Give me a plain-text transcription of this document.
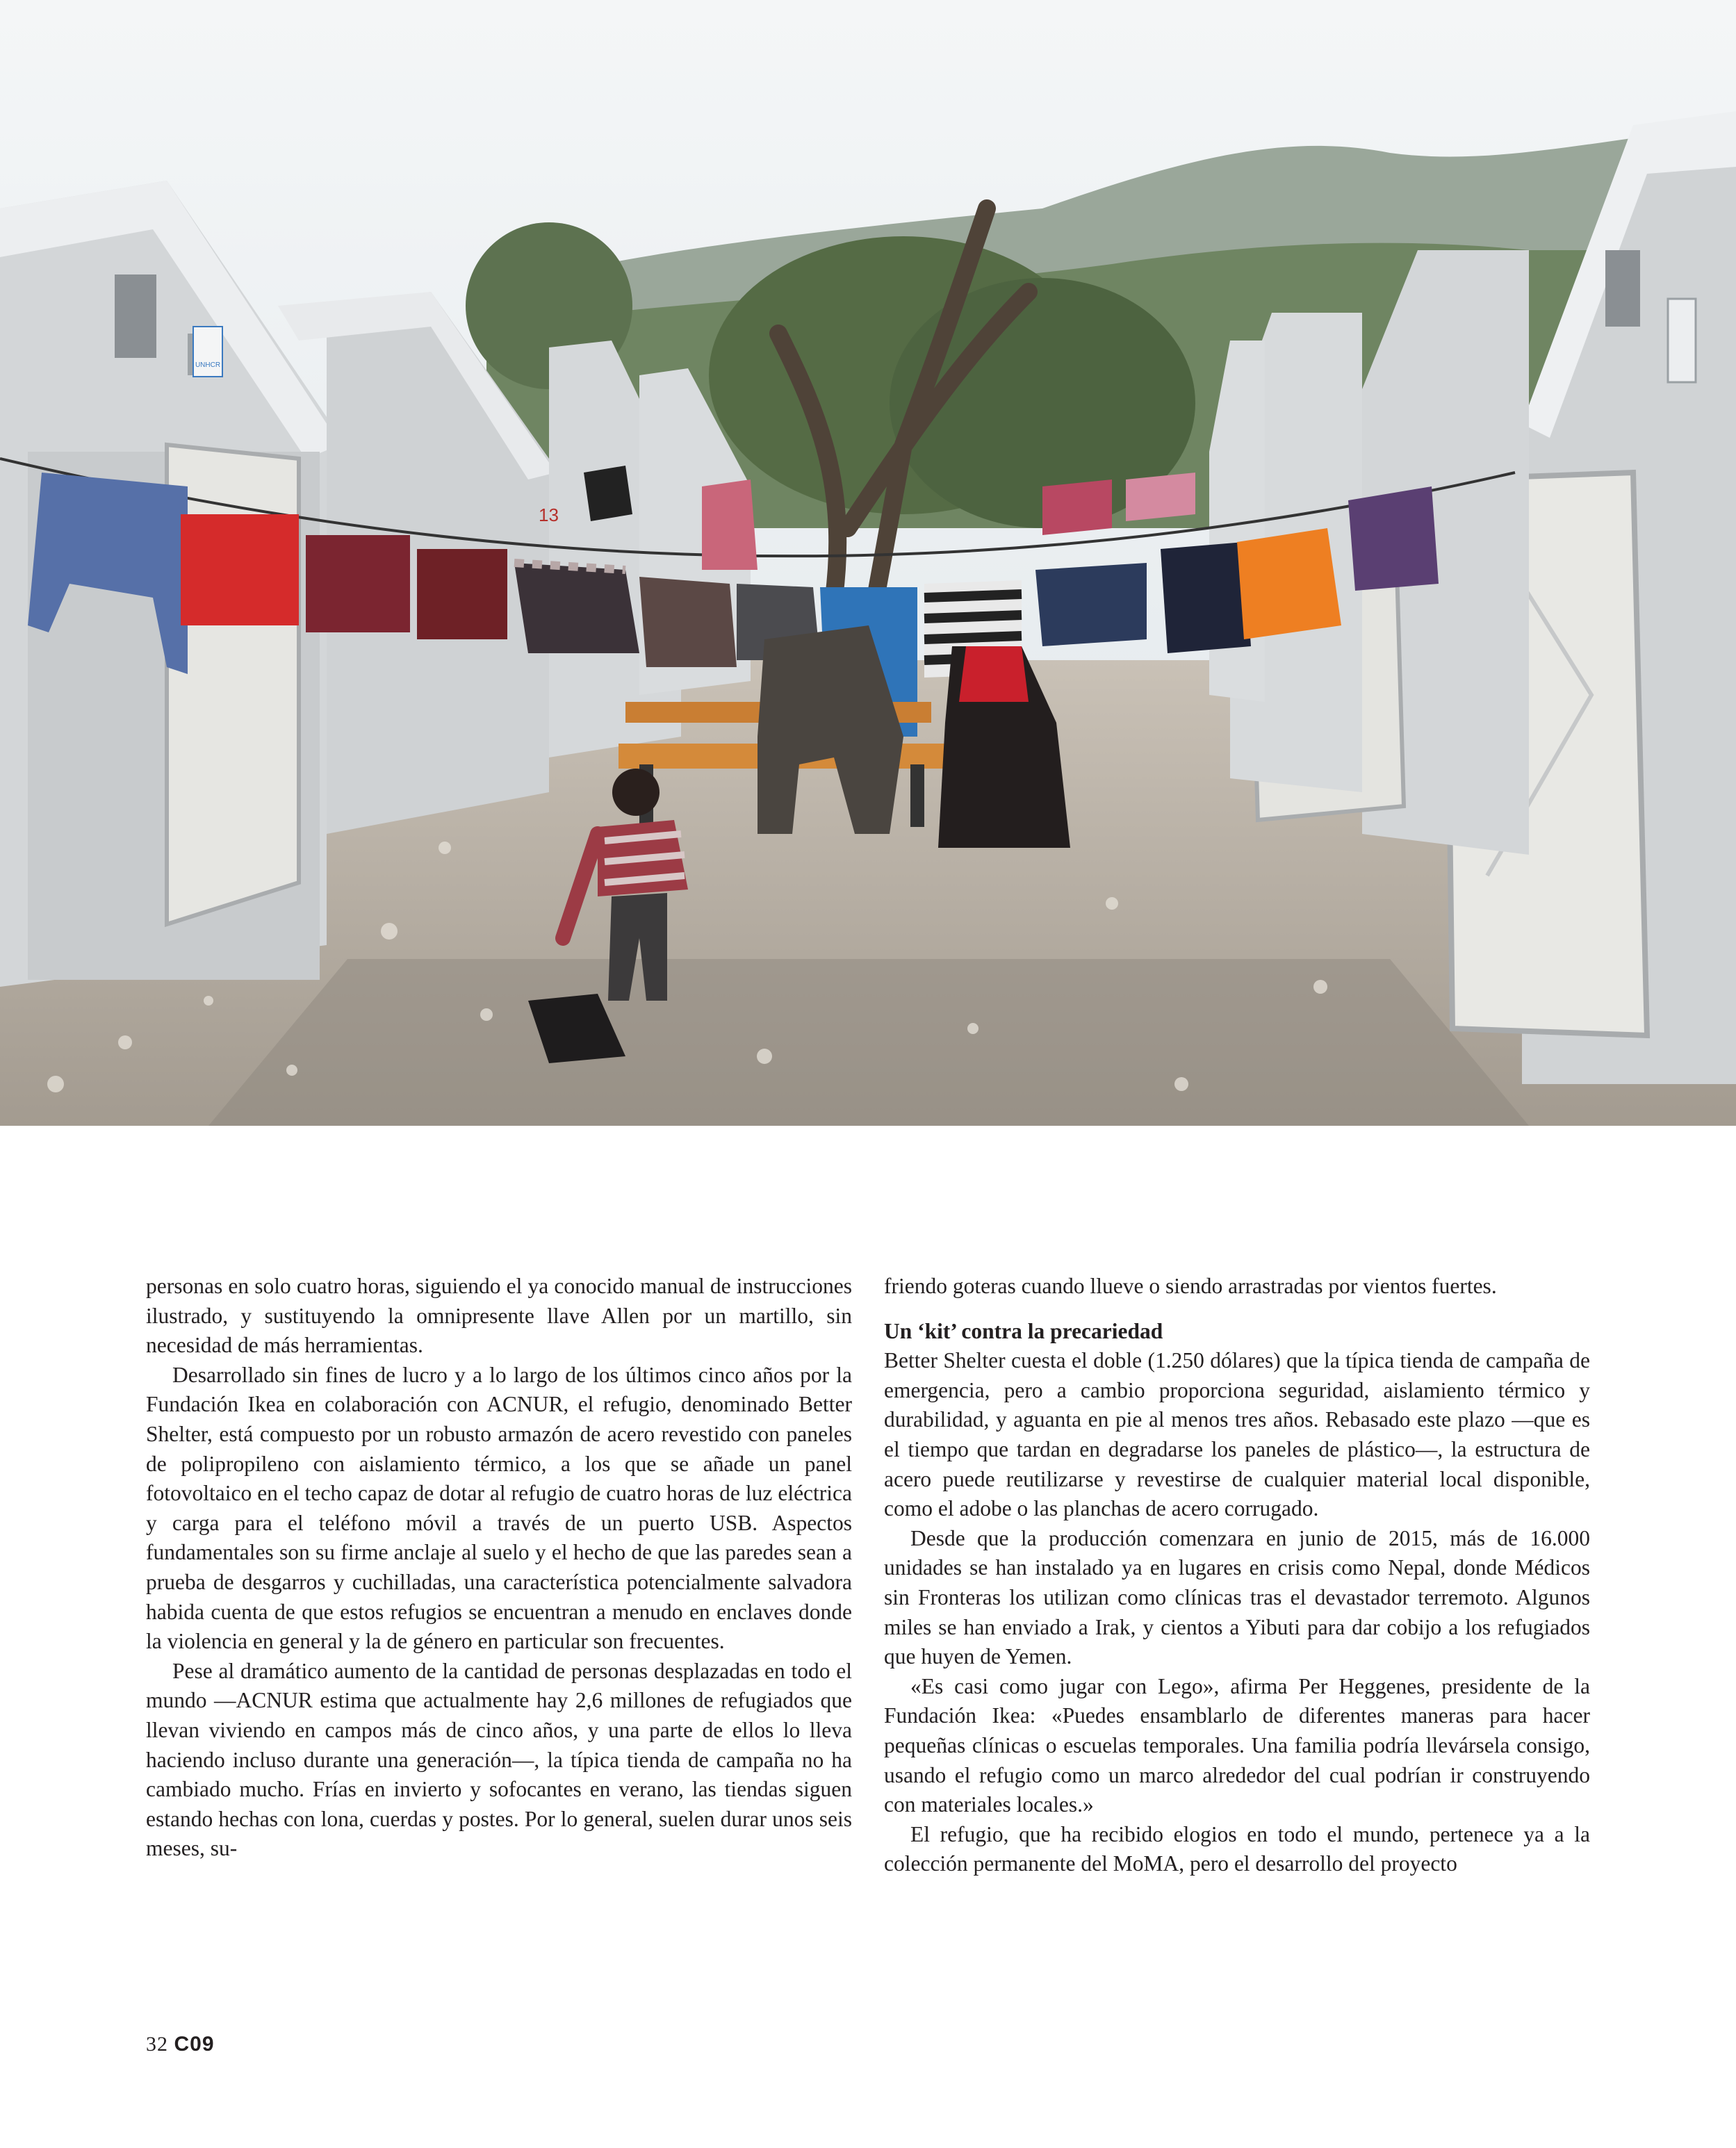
UNHCR
13

personas en solo cuatro horas, siguiendo el ya conocido manual de instrucciones ilustrado, y sustituyendo la omnipresente llave Allen por un martillo, sin necesidad de más herramientas.

Desarrollado sin fines de lucro y a lo largo de los últimos cinco años por la Fundación Ikea en colaboración con ACNUR, el refugio, denominado Better Shelter, está compuesto por un robusto armazón de acero revestido con paneles de polipropileno con aislamiento térmico, a los que se añade un panel fotovoltaico en el techo capaz de dotar al refugio de cuatro horas de luz eléctrica y carga para el teléfono móvil a través de un puerto USB. Aspectos fundamentales son su firme anclaje al suelo y el hecho de que las paredes sean a prueba de desgarros y cuchilladas, una característica potencialmente salvadora habida cuenta de que estos refugios se encuentran a menudo en enclaves donde la violencia en general y la de género en particular son frecuentes.

Pese al dramático aumento de la cantidad de personas desplazadas en todo el mundo —ACNUR estima que actualmente hay 2,6 millones de refugiados que llevan viviendo en campos más de cinco años, y una parte de ellos lo lleva haciendo incluso durante una generación—, la típica tienda de campaña no ha cambiado mucho. Frías en invierto y sofocantes en verano, las tiendas siguen estando hechas con lona, cuerdas y postes. Por lo general, suelen durar unos seis meses, su-

friendo goteras cuando llueve o siendo arrastradas por vientos fuertes.

Un ‘kit’ contra la precariedad

Better Shelter cuesta el doble (1.250 dólares) que la típica tienda de campaña de emergencia, pero a cambio proporciona seguridad, aislamiento térmico y durabilidad, y aguanta en pie al menos tres años. Rebasado este plazo —que es el tiempo que tardan en degradarse los paneles de plástico—, la estructura de acero puede reutilizarse y revestirse de cualquier material local disponible, como el adobe o las planchas de acero corrugado.

Desde que la producción comenzara en junio de 2015, más de 16.000 unidades se han instalado ya en lugares en crisis como Nepal, donde Médicos sin Fronteras los utilizan como clínicas tras el devastador terremoto. Algunos miles se han enviado a Irak, y cientos a Yibuti para dar cobijo a los refugiados que huyen de Yemen.

«Es casi como jugar con Lego», afirma Per Heggenes, presidente de la Fundación Ikea: «Puedes ensamblarlo de diferentes maneras para hacer pequeñas clínicas o escuelas temporales. Una familia podría llevársela consigo, usando el refugio como un marco alrededor del cual podrían ir construyendo con materiales locales.»

El refugio, que ha recibido elogios en todo el mundo, pertenece ya a la colección permanente del MoMA, pero el desarrollo del proyecto

32 C09
